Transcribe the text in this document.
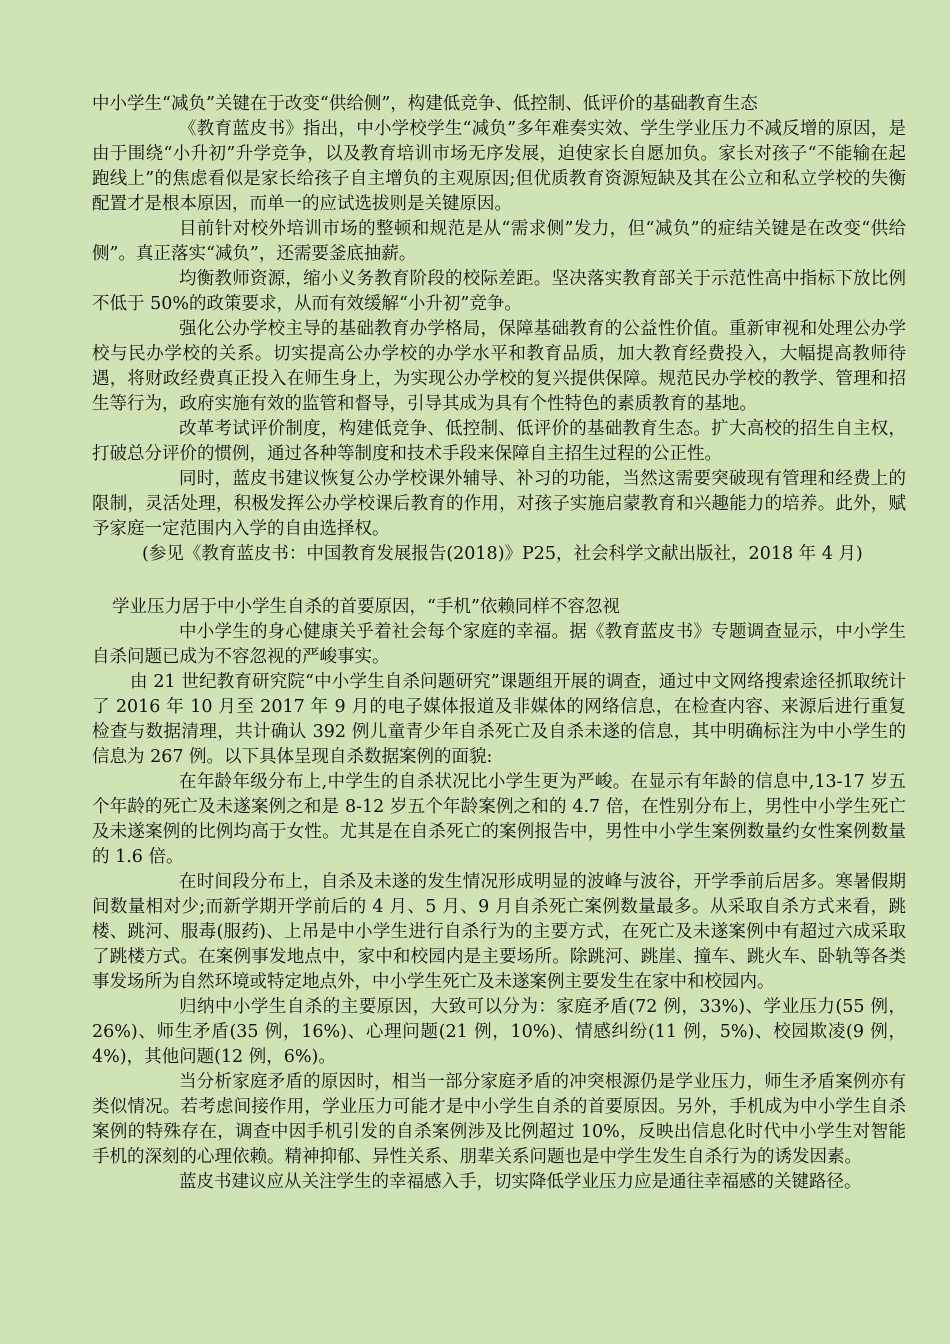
中小学生“减负”关键在于改变“供给侧”，构建低竞争、低控制、低评价的基础教育生态

《教育蓝皮书》指出，中小学校学生“减负”多年难奏实效、学生学业压力不减反增的原因，是由于围绕“小升初”升学竞争，以及教育培训市场无序发展，迫使家长自愿加负。家长对孩子“不能输在起跑线上”的焦虑看似是家长给孩子自主增负的主观原因;但优质教育资源短缺及其在公立和私立学校的失衡配置才是根本原因，而单一的应试选拔则是关键原因。

目前针对校外培训市场的整顿和规范是从“需求侧”发力，但“减负”的症结关键是在改变“供给侧”。真正落实“减负”，还需要釜底抽薪。

均衡教师资源，缩小义务教育阶段的校际差距。坚决落实教育部关于示范性高中指标下放比例不低于 50%的政策要求，从而有效缓解“小升初”竞争。

强化公办学校主导的基础教育办学格局，保障基础教育的公益性价值。重新审视和处理公办学校与民办学校的关系。切实提高公办学校的办学水平和教育品质，加大教育经费投入，大幅提高教师待遇，将财政经费真正投入在师生身上，为实现公办学校的复兴提供保障。规范民办学校的教学、管理和招生等行为，政府实施有效的监管和督导，引导其成为具有个性特色的素质教育的基地。

改革考试评价制度，构建低竞争、低控制、低评价的基础教育生态。扩大高校的招生自主权，打破总分评价的惯例，通过各种等制度和技术手段来保障自主招生过程的公正性。

同时，蓝皮书建议恢复公办学校课外辅导、补习的功能，当然这需要突破现有管理和经费上的限制，灵活处理，积极发挥公办学校课后教育的作用，对孩子实施启蒙教育和兴趣能力的培养。此外，赋予家庭一定范围内入学的自由选择权。

(参见《教育蓝皮书：中国教育发展报告(2018)》P25，社会科学文献出版社，2018 年 4 月)

学业压力居于中小学生自杀的首要原因，“手机”依赖同样不容忽视

中小学生的身心健康关乎着社会每个家庭的幸福。据《教育蓝皮书》专题调查显示，中小学生自杀问题已成为不容忽视的严峻事实。

由 21 世纪教育研究院“中小学生自杀问题研究”课题组开展的调查，通过中文网络搜索途径抓取统计了 2016 年 10 月至 2017 年 9 月的电子媒体报道及非媒体的网络信息，在检查内容、来源后进行重复检查与数据清理，共计确认 392 例儿童青少年自杀死亡及自杀未遂的信息，其中明确标注为中小学生的信息为 267 例。以下具体呈现自杀数据案例的面貌:

在年龄年级分布上,中学生的自杀状况比小学生更为严峻。在显示有年龄的信息中,13-17 岁五个年龄的死亡及未遂案例之和是 8-12 岁五个年龄案例之和的 4.7 倍，在性别分布上，男性中小学生死亡及未遂案例的比例均高于女性。尤其是在自杀死亡的案例报告中，男性中小学生案例数量约女性案例数量的 1.6 倍。

在时间段分布上，自杀及未遂的发生情况形成明显的波峰与波谷，开学季前后居多。寒暑假期间数量相对少;而新学期开学前后的 4 月、5 月、9 月自杀死亡案例数量最多。从采取自杀方式来看，跳楼、跳河、服毒(服药)、上吊是中小学生进行自杀行为的主要方式，在死亡及未遂案例中有超过六成采取了跳楼方式。在案例事发地点中，家中和校园内是主要场所。除跳河、跳崖、撞车、跳火车、卧轨等各类事发场所为自然环境或特定地点外，中小学生死亡及未遂案例主要发生在家中和校园内。

归纳中小学生自杀的主要原因，大致可以分为：家庭矛盾(72 例，33%)、学业压力(55 例，26%)、师生矛盾(35 例，16%)、心理问题(21 例，10%)、情感纠纷(11 例，5%)、校园欺凌(9 例，4%)，其他问题(12 例，6%)。

当分析家庭矛盾的原因时，相当一部分家庭矛盾的冲突根源仍是学业压力，师生矛盾案例亦有类似情况。若考虑间接作用，学业压力可能才是中小学生自杀的首要原因。另外，手机成为中小学生自杀案例的特殊存在，调查中因手机引发的自杀案例涉及比例超过 10%，反映出信息化时代中小学生对智能手机的深刻的心理依赖。精神抑郁、异性关系、朋辈关系问题也是中学生发生自杀行为的诱发因素。

蓝皮书建议应从关注学生的幸福感入手，切实降低学业压力应是通往幸福感的关键路径。
